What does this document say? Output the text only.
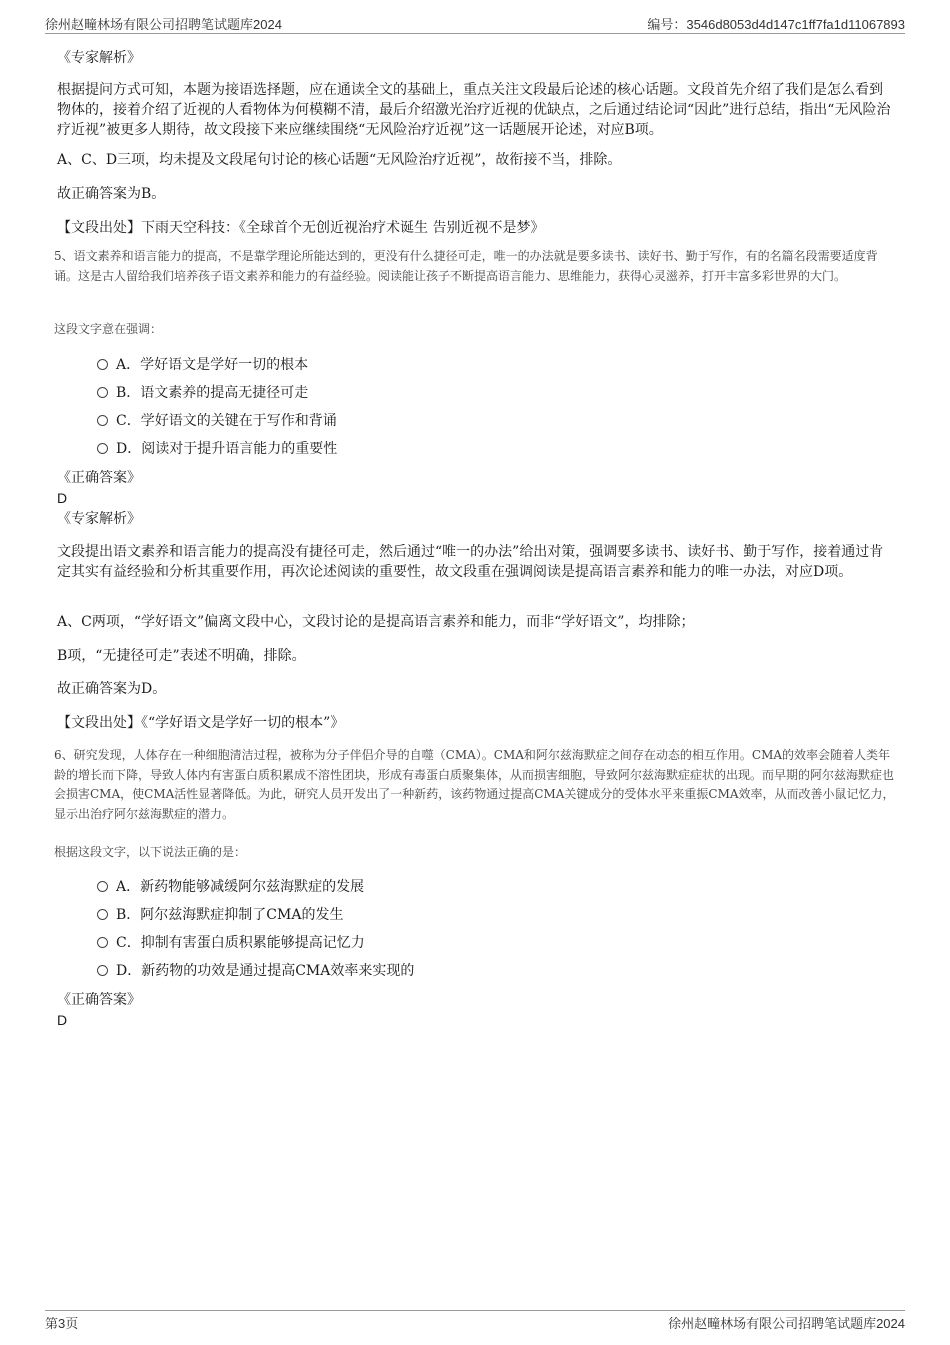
徐州赵疃林场有限公司招聘笔试题库2024	编号：3546d8053d4d147c1ff7fa1d11067893

《专家解析》

根据提问方式可知，本题为接语选择题，应在通读全文的基础上，重点关注文段最后论述的核心话题。文段首先介绍了我们是怎么看到物体的，接着介绍了近视的人看物体为何模糊不清，最后介绍激光治疗近视的优缺点，之后通过结论词“因此”进行总结，指出“无风险治疗近视”被更多人期待，故文段接下来应继续围绕“无风险治疗近视”这一话题展开论述，对应B项。

A、C、D三项，均未提及文段尾句讨论的核心话题“无风险治疗近视”，故衔接不当，排除。

故正确答案为B。

【文段出处】下雨天空科技：《全球首个无创近视治疗术诞生 告别近视不是梦》

5、语文素养和语言能力的提高，不是靠学理论所能达到的，更没有什么捷径可走，唯一的办法就是要多读书、读好书、勤于写作，有的名篇名段需要适度背诵。这是古人留给我们培养孩子语文素养和能力的有益经验。阅读能让孩子不断提高语言能力、思维能力，获得心灵滋养，打开丰富多彩世界的大门。

这段文字意在强调：

A．学好语文是学好一切的根本
B．语文素养的提高无捷径可走
C．学好语文的关键在于写作和背诵
D．阅读对于提升语言能力的重要性

《正确答案》

D

《专家解析》

文段提出语文素养和语言能力的提高没有捷径可走，然后通过“唯一的办法”给出对策，强调要多读书、读好书、勤于写作，接着通过肯定其实有益经验和分析其重要作用，再次论述阅读的重要性，故文段重在强调阅读是提高语言素养和能力的唯一办法，对应D项。

A、C两项，“学好语文”偏离文段中心，文段讨论的是提高语言素养和能力，而非“学好语文”，均排除；

B项，“无捷径可走”表述不明确，排除。

故正确答案为D。

【文段出处】《“学好语文是学好一切的根本”》

6、研究发现，人体存在一种细胞清洁过程，被称为分子伴侣介导的自噬（CMA）。CMA和阿尔兹海默症之间存在动态的相互作用。CMA的效率会随着人类年龄的增长而下降，导致人体内有害蛋白质积累成不溶性团块，形成有毒蛋白质聚集体，从而损害细胞，导致阿尔兹海默症症状的出现。而早期的阿尔兹海默症也会损害CMA，使CMA活性显著降低。为此，研究人员开发出了一种新药，该药物通过提高CMA关键成分的受体水平来重振CMA效率，从而改善小鼠记忆力，显示出治疗阿尔兹海默症的潜力。

根据这段文字，以下说法正确的是：

A．新药物能够减缓阿尔兹海默症的发展
B．阿尔兹海默症抑制了CMA的发生
C．抑制有害蛋白质积累能够提高记忆力
D．新药物的功效是通过提高CMA效率来实现的

《正确答案》

D
第3页	徐州赵疃林场有限公司招聘笔试题库2024
